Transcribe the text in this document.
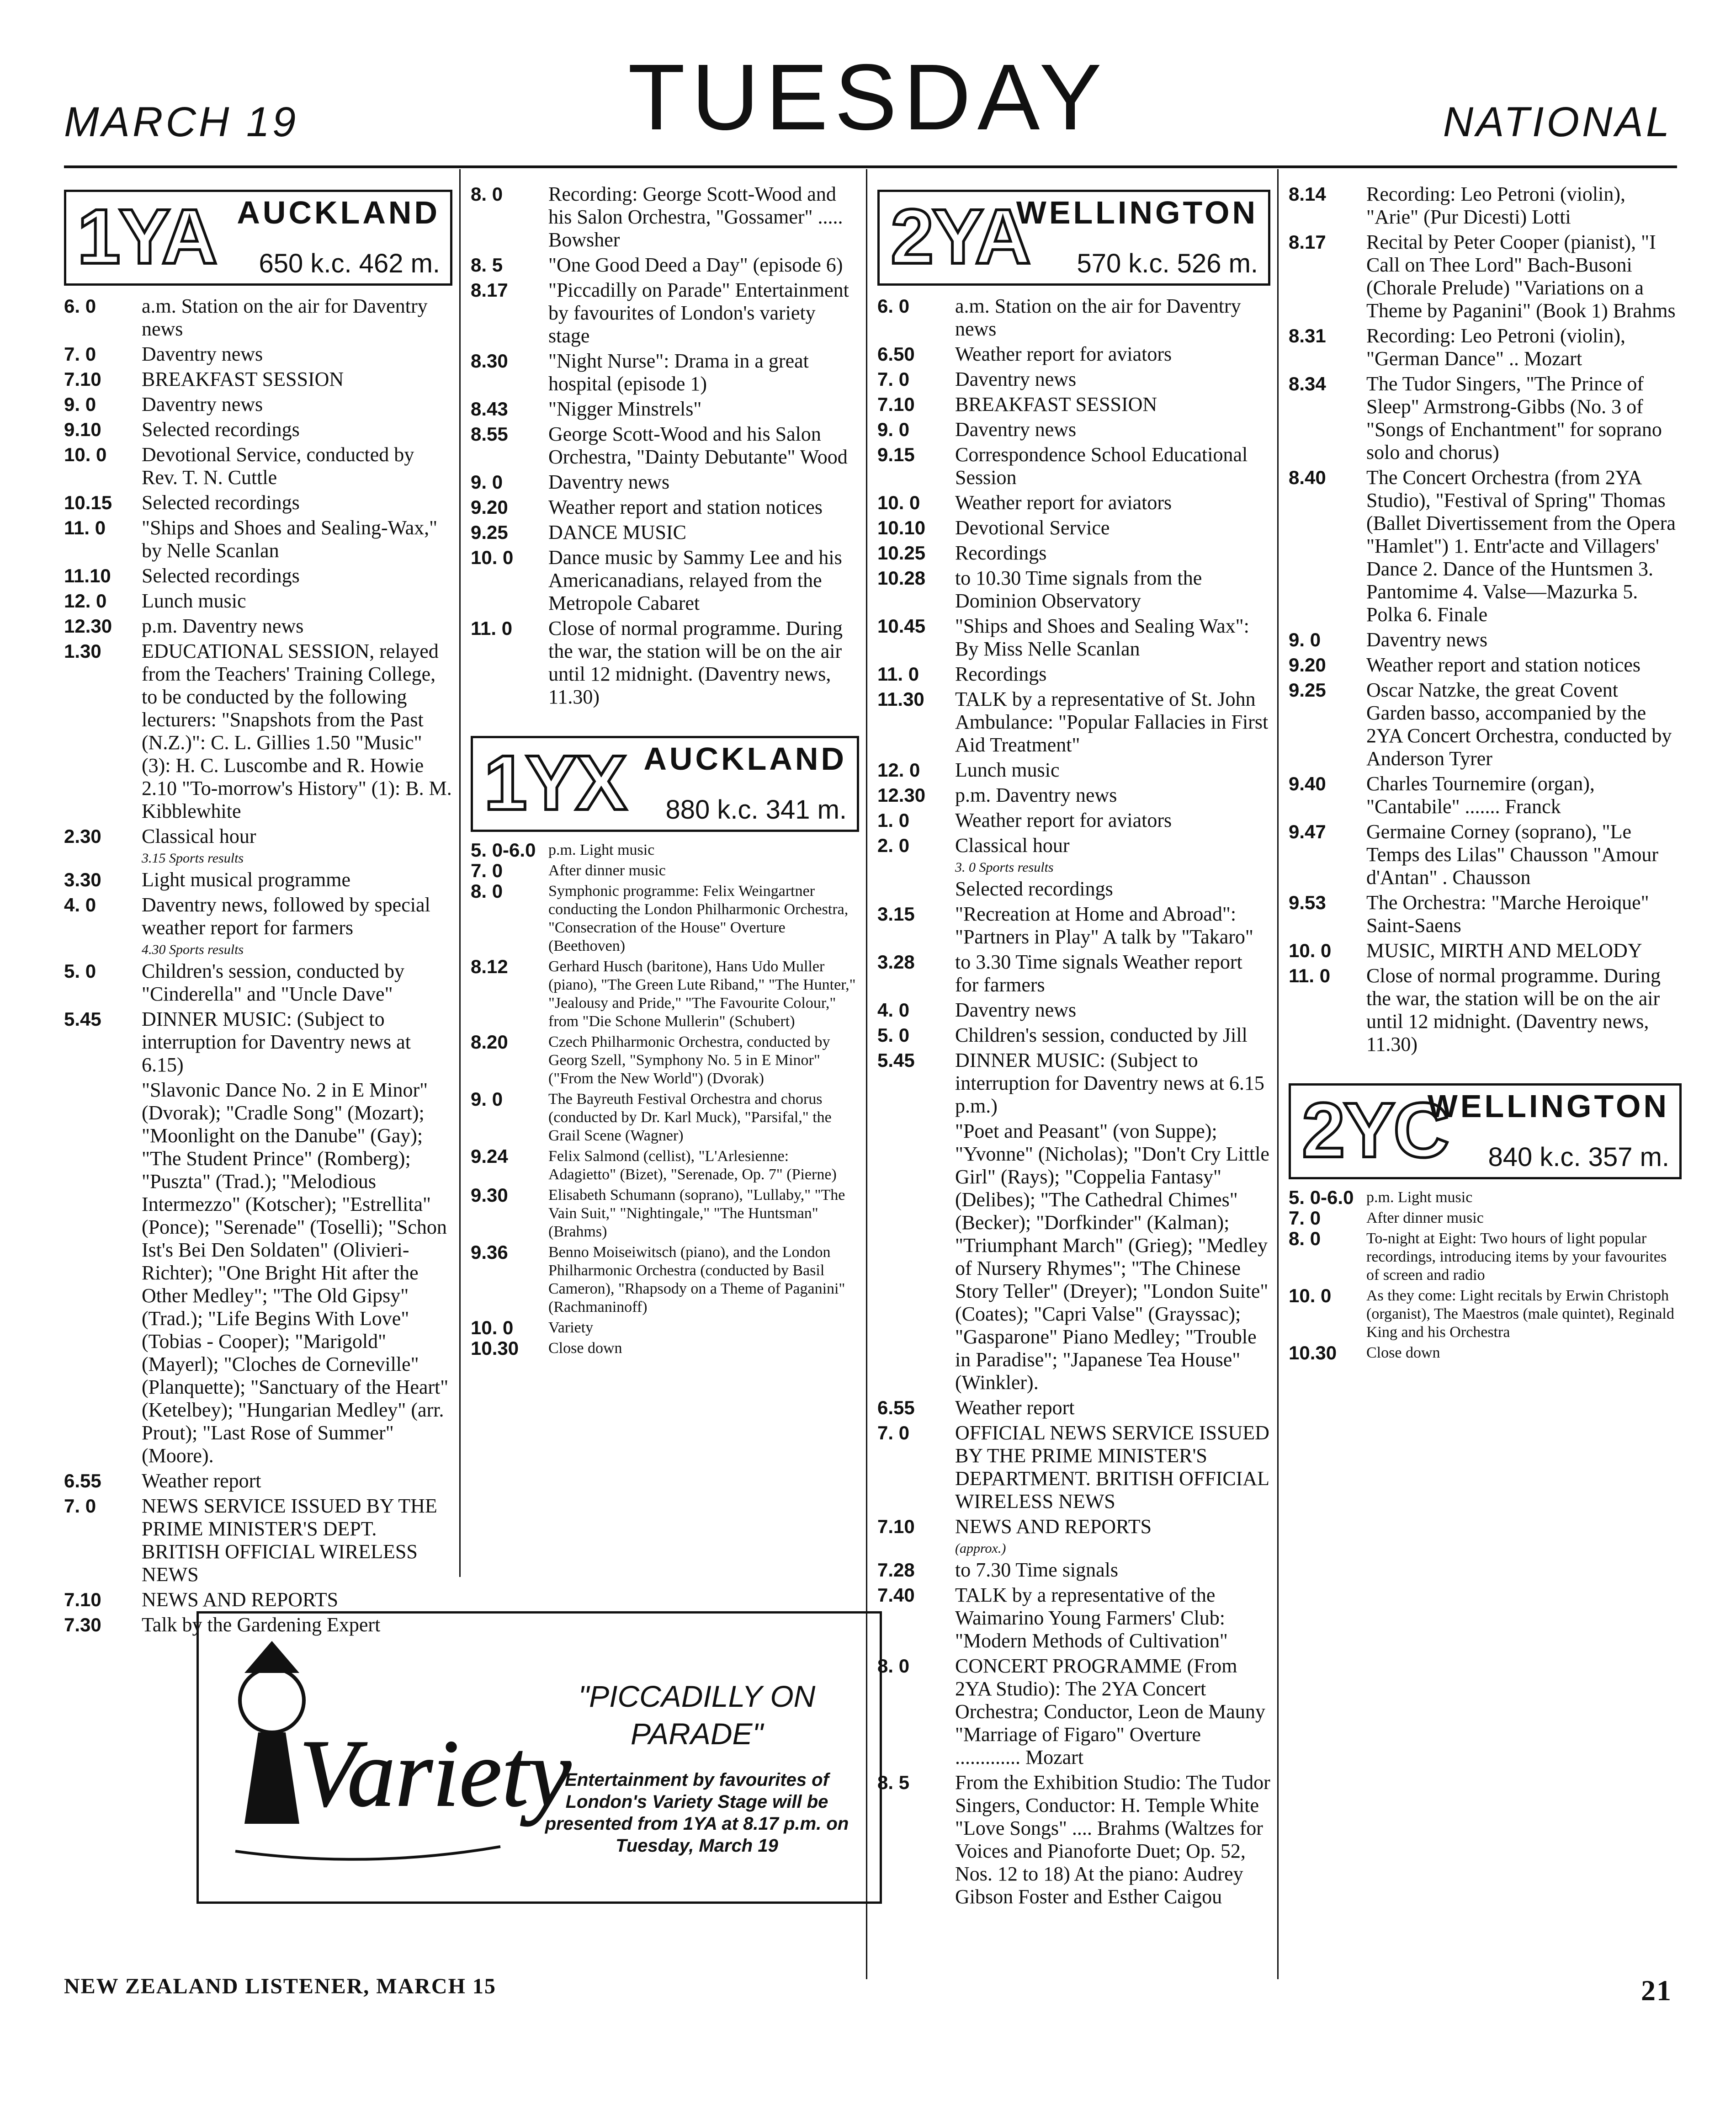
MARCH 19	TUESDAY	NATIONAL
1YA AUCKLAND
650 k.c. 462 m.
6. 0	a.m. Station on the air for Daventry news
7. 0	Daventry news
7.10	BREAKFAST SESSION
9. 0	Daventry news
9.10	Selected recordings
10. 0	Devotional Service, conducted by Rev. T. N. Cuttle
10.15	Selected recordings
11. 0	"Ships and Shoes and Sealing-Wax," by Nelle Scanlan
11.10	Selected recordings
12. 0	Lunch music
12.30	p.m. Daventry news
1.30	EDUCATIONAL SESSION, relayed from the Teachers' Training College, to be conducted by the following lecturers: "Snapshots from the Past (N.Z.)": C. L. Gillies 1.50 "Music" (3): H. C. Luscombe and R. Howie 2.10 "To-morrow's History" (1): B. M. Kibblewhite
2.30	Classical hour
3.15 Sports results
3.30	Light musical programme
4. 0	Daventry news, followed by special weather report for farmers
4.30 Sports results
5. 0	Children's session, conducted by "Cinderella" and "Uncle Dave"
5.45	DINNER MUSIC: (Subject to interruption for Daventry news at 6.15)
"Slavonic Dance No. 2 in E Minor" (Dvorak); "Cradle Song" (Mozart); "Moonlight on the Danube" (Gay); "The Student Prince" (Romberg); "Puszta" (Trad.); "Melodious Intermezzo" (Kotscher); "Estrellita" (Ponce); "Serenade" (Toselli); "Schon Ist's Bei Den Soldaten" (Olivieri-Richter); "One Bright Hit after the Other Medley"; "The Old Gipsy" (Trad.); "Life Begins With Love" (Tobias - Cooper); "Marigold" (Mayerl); "Cloches de Corneville" (Planquette); "Sanctuary of the Heart" (Ketelbey); "Hungarian Medley" (arr. Prout); "Last Rose of Summer" (Moore).
6.55	Weather report
7. 0	NEWS SERVICE ISSUED BY THE PRIME MINISTER'S DEPT. BRITISH OFFICIAL WIRELESS NEWS
7.10	NEWS AND REPORTS
7.30	Talk by the Gardening Expert
8. 0	Recording: George Scott-Wood and his Salon Orchestra, "Gossamer" ..... Bowsher
8. 5	"One Good Deed a Day" (episode 6)
8.17	"Piccadilly on Parade" Entertainment by favourites of London's variety stage
8.30	"Night Nurse": Drama in a great hospital (episode 1)
8.43	"Nigger Minstrels"
8.55	George Scott-Wood and his Salon Orchestra, "Dainty Debutante" Wood
9. 0	Daventry news
9.20	Weather report and station notices
9.25	DANCE MUSIC
10. 0	Dance music by Sammy Lee and his Americanadians, relayed from the Metropole Cabaret
11. 0	Close of normal programme. During the war, the station will be on the air until 12 midnight. (Daventry news, 11.30)
1YX AUCKLAND
880 k.c. 341 m.
5. 0-6.0 p.m. Light music
7. 0	After dinner music
8. 0	Symphonic programme: Felix Weingartner conducting the London Philharmonic Orchestra, "Consecration of the House" Overture (Beethoven)
8.12	Gerhard Husch (baritone), Hans Udo Muller (piano), "The Green Lute Riband," "The Hunter," "Jealousy and Pride," "The Favourite Colour," from "Die Schone Mullerin" (Schubert)
8.20	Czech Philharmonic Orchestra, conducted by Georg Szell, "Symphony No. 5 in E Minor" ("From the New World") (Dvorak)
9. 0	The Bayreuth Festival Orchestra and chorus (conducted by Dr. Karl Muck), "Parsifal," the Grail Scene (Wagner)
9.24	Felix Salmond (cellist), "L'Arlesienne: Adagietto" (Bizet), "Serenade, Op. 7" (Pierne)
9.30	Elisabeth Schumann (soprano), "Lullaby," "The Vain Suit," "Nightingale," "The Huntsman" (Brahms)
9.36	Benno Moiseiwitsch (piano), and the London Philharmonic Orchestra (conducted by Basil Cameron), "Rhapsody on a Theme of Paganini" (Rachmaninoff)
10. 0	Variety
10.30	Close down
2YA
WELLINGTON
570 k.c. 526 m.
6. 0	a.m. Station on the air for Daventry news
6.50	Weather report for aviators
7. 0	Daventry news
7.10	BREAKFAST SESSION
9. 0	Daventry news
9.15	Correspondence School Educational Session
10. 0	Weather report for aviators
10.10	Devotional Service
10.25	Recordings
10.28	to 10.30 Time signals from the Dominion Observatory
10.45	"Ships and Shoes and Sealing Wax": By Miss Nelle Scanlan
11. 0	Recordings
11.30	TALK by a representative of St. John Ambulance: "Popular Fallacies in First Aid Treatment"
12. 0	Lunch music
12.30	p.m. Daventry news
1. 0	Weather report for aviators
2. 0	Classical hour
3. 0 Sports results
Selected recordings
3.15	"Recreation at Home and Abroad": "Partners in Play" A talk by "Takaro"
3.28	to 3.30 Time signals Weather report for farmers
4. 0	Daventry news
5. 0	Children's session, conducted by Jill
5.45	DINNER MUSIC: (Subject to interruption for Daventry news at 6.15 p.m.)
"Poet and Peasant" (von Suppe); "Yvonne" (Nicholas); "Don't Cry Little Girl" (Rays); "Coppelia Fantasy" (Delibes); "The Cathedral Chimes" (Becker); "Dorfkinder" (Kalman); "Triumphant March" (Grieg); "Medley of Nursery Rhymes"; "The Chinese Story Teller" (Dreyer); "London Suite" (Coates); "Capri Valse" (Grayssac); "Gasparone" Piano Medley; "Trouble in Paradise"; "Japanese Tea House" (Winkler).
6.55	Weather report
7. 0	OFFICIAL NEWS SERVICE ISSUED BY THE PRIME MINISTER'S DEPARTMENT. BRITISH OFFICIAL WIRELESS NEWS
7.10	NEWS AND REPORTS
(approx.)
7.28	to 7.30 Time signals
7.40	TALK by a representative of the Waimarino Young Farmers' Club: "Modern Methods of Cultivation"
8. 0	CONCERT PROGRAMME (From 2YA Studio): The 2YA Concert Orchestra; Conductor, Leon de Mauny "Marriage of Figaro" Overture ............. Mozart
8. 5	From the Exhibition Studio: The Tudor Singers, Conductor: H. Temple White "Love Songs" .... Brahms (Waltzes for Voices and Pianoforte Duet; Op. 52, Nos. 12 to 18) At the piano: Audrey Gibson Foster and Esther Caigou
8.14	Recording: Leo Petroni (violin), "Arie" (Pur Dicesti) Lotti
8.17	Recital by Peter Cooper (pianist), "I Call on Thee Lord" Bach-Busoni (Chorale Prelude) "Variations on a Theme by Paganini" (Book 1) Brahms
8.31	Recording: Leo Petroni (violin), "German Dance" .. Mozart
8.34	The Tudor Singers, "The Prince of Sleep" Armstrong-Gibbs (No. 3 of "Songs of Enchantment" for soprano solo and chorus)
8.40	The Concert Orchestra (from 2YA Studio), "Festival of Spring" Thomas (Ballet Divertissement from the Opera "Hamlet") 1. Entr'acte and Villagers' Dance 2. Dance of the Huntsmen 3. Pantomime 4. Valse—Mazurka 5. Polka 6. Finale
9. 0	Daventry news
9.20	Weather report and station notices
9.25	Oscar Natzke, the great Covent Garden basso, accompanied by the 2YA Concert Orchestra, conducted by Anderson Tyrer
9.40	Charles Tournemire (organ), "Cantabile" ....... Franck
9.47	Germaine Corney (soprano), "Le Temps des Lilas" Chausson "Amour d'Antan" . Chausson
9.53	The Orchestra: "Marche Heroique" Saint-Saens
10. 0	MUSIC, MIRTH AND MELODY
11. 0	Close of normal programme. During the war, the station will be on the air until 12 midnight. (Daventry news, 11.30)
2YC
WELLINGTON
840 k.c. 357 m.
5. 0-6.0 p.m. Light music
7. 0	After dinner music
8. 0	To-night at Eight: Two hours of light popular recordings, introducing items by your favourites of screen and radio
10. 0	As they come: Light recitals by Erwin Christoph (organist), The Maestros (male quintet), Reginald King and his Orchestra
10.30	Close down
Variety
"PICCADILLY ON PARADE"
Entertainment by favourites of London's Variety Stage will be presented from 1YA at 8.17 p.m. on Tuesday, March 19
NEW ZEALAND LISTENER, MARCH 15	21
